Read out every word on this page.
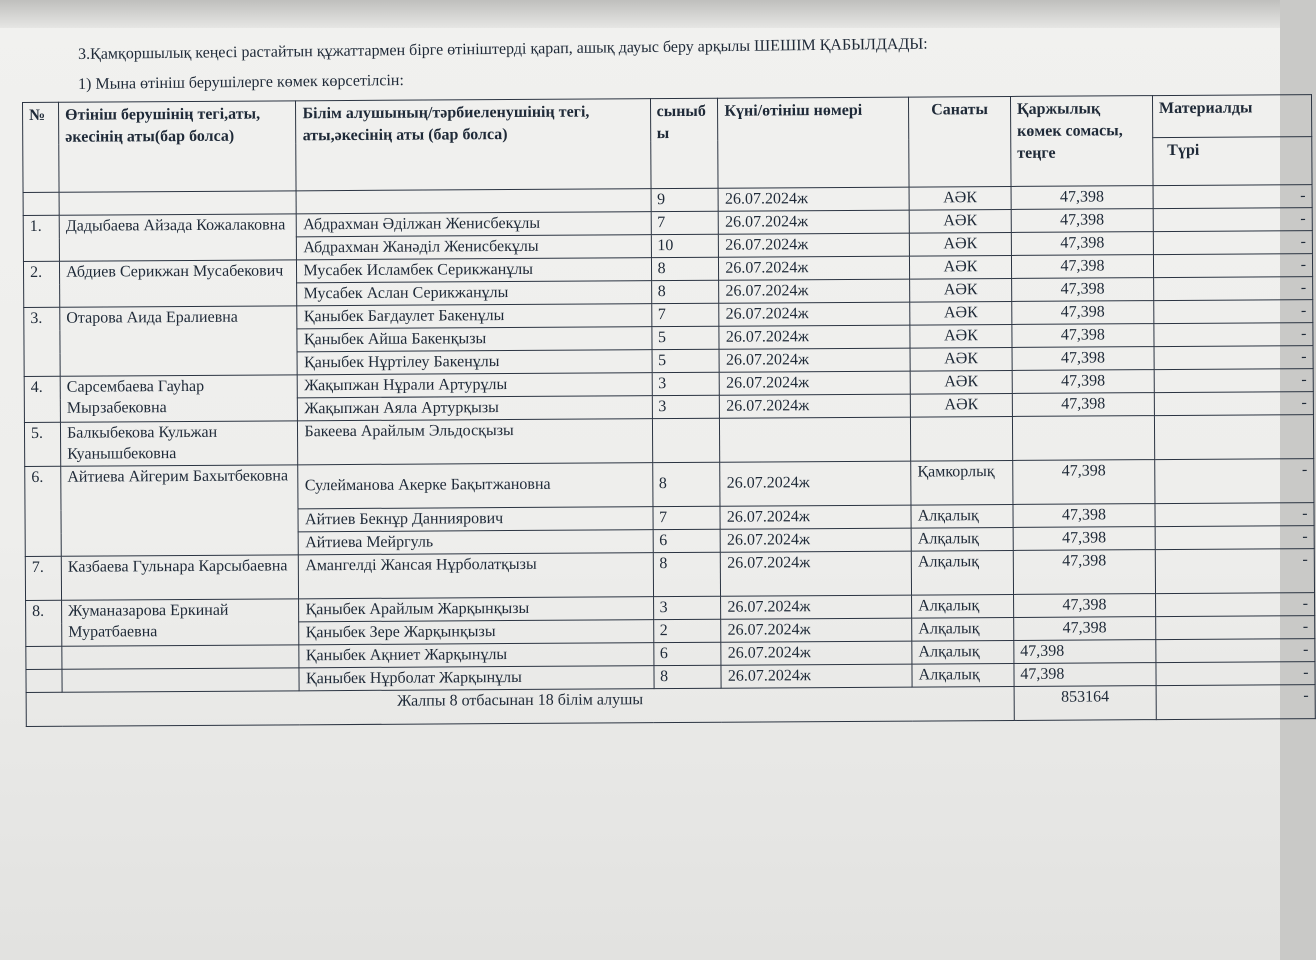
3.Қамқоршылық кеңесі растайтын құжаттармен бірге өтініштерді қарап, ашық дауыс беру арқылы ШЕШІМ ҚАБЫЛДАДЫ:
1) Мына өтініш берушілерге көмек көрсетілсін:
№	Өтініш берушінің тегі,аты, әкесінің аты(бар болса)	Білім алушының/тәрбиеленушінің тегі, аты,әкесінің аты (бар болса)	сыныбы	Күні/өтініш нөмері	Санаты	Қаржылық көмек сомасы, теңге	Материалды
							Түрі
			9	26.07.2024ж	АӘК	47,398	-
1.	Дадыбаева Айзада Кожалаковна	Абдрахман Әділжан Женисбекұлы	7	26.07.2024ж	АӘК	47,398	-
		Абдрахман Жанәділ Женисбекұлы	10	26.07.2024ж	АӘК	47,398	-
2.	Абдиев Серикжан Мусабекович	Мусабек Исламбек Серикжанұлы	8	26.07.2024ж	АӘК	47,398	-
		Мусабек Аслан Серикжанұлы	8	26.07.2024ж	АӘК	47,398	-
3.	Отарова Аида Ералиевна	Қаныбек Бағдаулет Бакенұлы	7	26.07.2024ж	АӘК	47,398	-
		Қаныбек Айша Бакенқызы	5	26.07.2024ж	АӘК	47,398	-
		Қаныбек Нұртілеу Бакенұлы	5	26.07.2024ж	АӘК	47,398	-
4.	Сарсембаева Гауһар Мырзабековна	Жақыпжан Нұрали Артурұлы	3	26.07.2024ж	АӘК	47,398	-
		Жақыпжан Аяла Артурқызы	3	26.07.2024ж	АӘК	47,398	-
5.	Балкыбекова Кульжан Куанышбековна	Бакеева Арайлым Эльдосқызы					
6.	Айтиева Айгерим Бахытбековна	Сулейманова Акерке Бақытжановна	8	26.07.2024ж	Қамкорлық	47,398	-
		Айтиев Бекнұр Данниярович	7	26.07.2024ж	Алқалық	47,398	-
		Айтиева Мейргуль	6	26.07.2024ж	Алқалық	47,398	-
7.	Казбаева Гульнара Карсыбаевна	Амангелді Жансая Нұрболатқызы	8	26.07.2024ж	Алқалық	47,398	-
8.	Жуманазарова Еркинай Муратбаевна	Қаныбек Арайлым Жарқынқызы	3	26.07.2024ж	Алқалық	47,398	-
		Қаныбек Зере Жарқынқызы	2	26.07.2024ж	Алқалық	47,398	-
		Қаныбек Ақниет Жарқынұлы	6	26.07.2024ж	Алқалық	47,398	-
		Қаныбек Нұрболат Жарқынұлы	8	26.07.2024ж	Алқалық	47,398	-
Жалпы 8 отбасынан 18 білім алушы						853164	-
